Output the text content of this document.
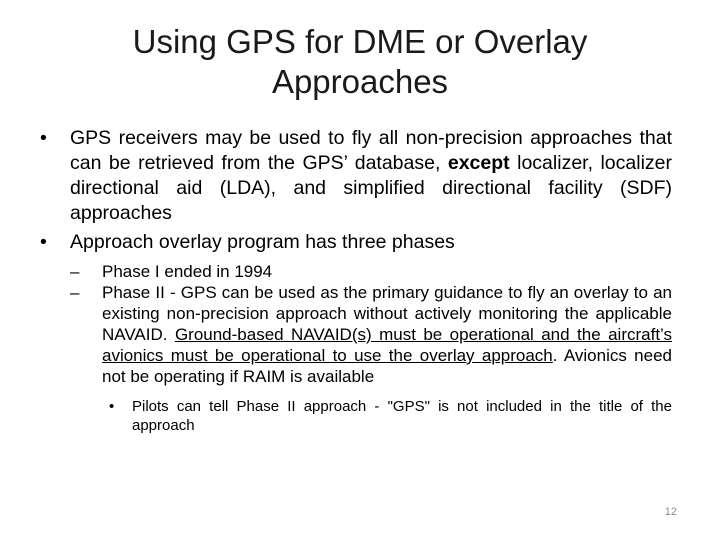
Using GPS for DME or Overlay
Approaches
• GPS receivers may be used to fly all non-precision approaches that can be retrieved from the GPS’ database, except localizer, localizer directional aid (LDA), and simplified directional facility (SDF) approaches
• Approach overlay program has three phases
– Phase I ended in 1994
– Phase II - GPS can be used as the primary guidance to fly an overlay to an existing non-precision approach without actively monitoring the applicable NAVAID. Ground-based NAVAID(s) must be operational and the aircraft’s avionics must be operational to use the overlay approach. Avionics need not be operating if RAIM is available
• Pilots can tell Phase II approach - "GPS" is not included in the title of the approach
12
